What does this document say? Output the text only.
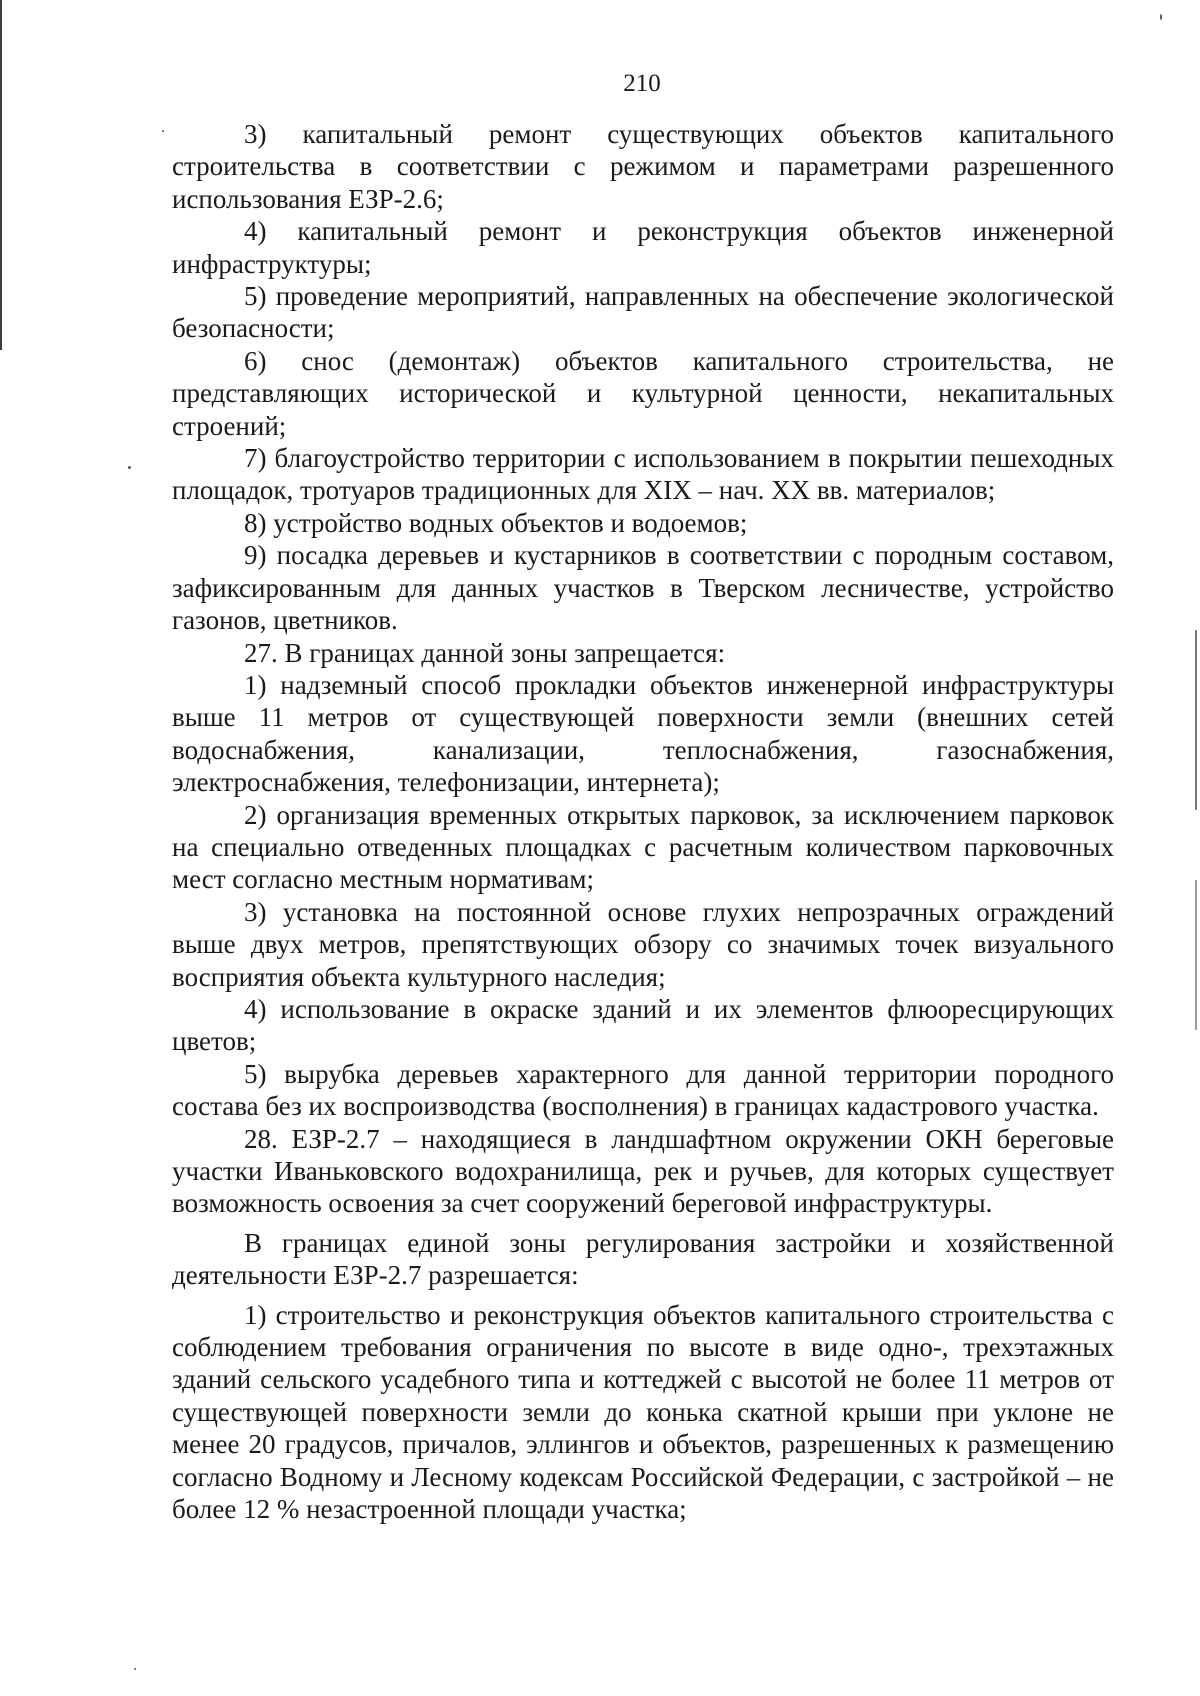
210

3) капитальный ремонт существующих объектов капитального строительства в соответствии с режимом и параметрами разрешенного использования ЕЗР-2.6;

4) капитальный ремонт и реконструкция объектов инженерной инфраструктуры;

5) проведение мероприятий, направленных на обеспечение экологической безопасности;

6) снос (демонтаж) объектов капитального строительства, не представляющих исторической и культурной ценности, некапитальных строений;

7) благоустройство территории с использованием в покрытии пешеходных площадок, тротуаров традиционных для XIX – нач. XX вв. материалов;

8) устройство водных объектов и водоемов;

9) посадка деревьев и кустарников в соответствии с породным составом, зафиксированным для данных участков в Тверском лесничестве, устройство газонов, цветников.

27. В границах данной зоны запрещается:

1) надземный способ прокладки объектов инженерной инфраструктуры выше 11 метров от существующей поверхности земли (внешних сетей водоснабжения, канализации, теплоснабжения, газоснабжения, электроснабжения, телефонизации, интернета);

2) организация временных открытых парковок, за исключением парковок на специально отведенных площадках с расчетным количеством парковочных мест согласно местным нормативам;

3) установка на постоянной основе глухих непрозрачных ограждений выше двух метров, препятствующих обзору со значимых точек визуального восприятия объекта культурного наследия;

4) использование в окраске зданий и их элементов флюоресцирующих цветов;

5) вырубка деревьев характерного для данной территории породного состава без их воспроизводства (восполнения) в границах кадастрового участка.

28. ЕЗР-2.7 – находящиеся в ландшафтном окружении ОКН береговые участки Иваньковского водохранилища, рек и ручьев, для которых существует возможность освоения за счет сооружений береговой инфраструктуры.

В границах единой зоны регулирования застройки и хозяйственной деятельности ЕЗР-2.7 разрешается:

1) строительство и реконструкция объектов капитального строительства с соблюдением требования ограничения по высоте в виде одно-, трехэтажных зданий сельского усадебного типа и коттеджей с высотой не более 11 метров от существующей поверхности земли до конька скатной крыши при уклоне не менее 20 градусов, причалов, эллингов и объектов, разрешенных к размещению согласно Водному и Лесному кодексам Российской Федерации, с застройкой – не более 12 % незастроенной площади участка;
